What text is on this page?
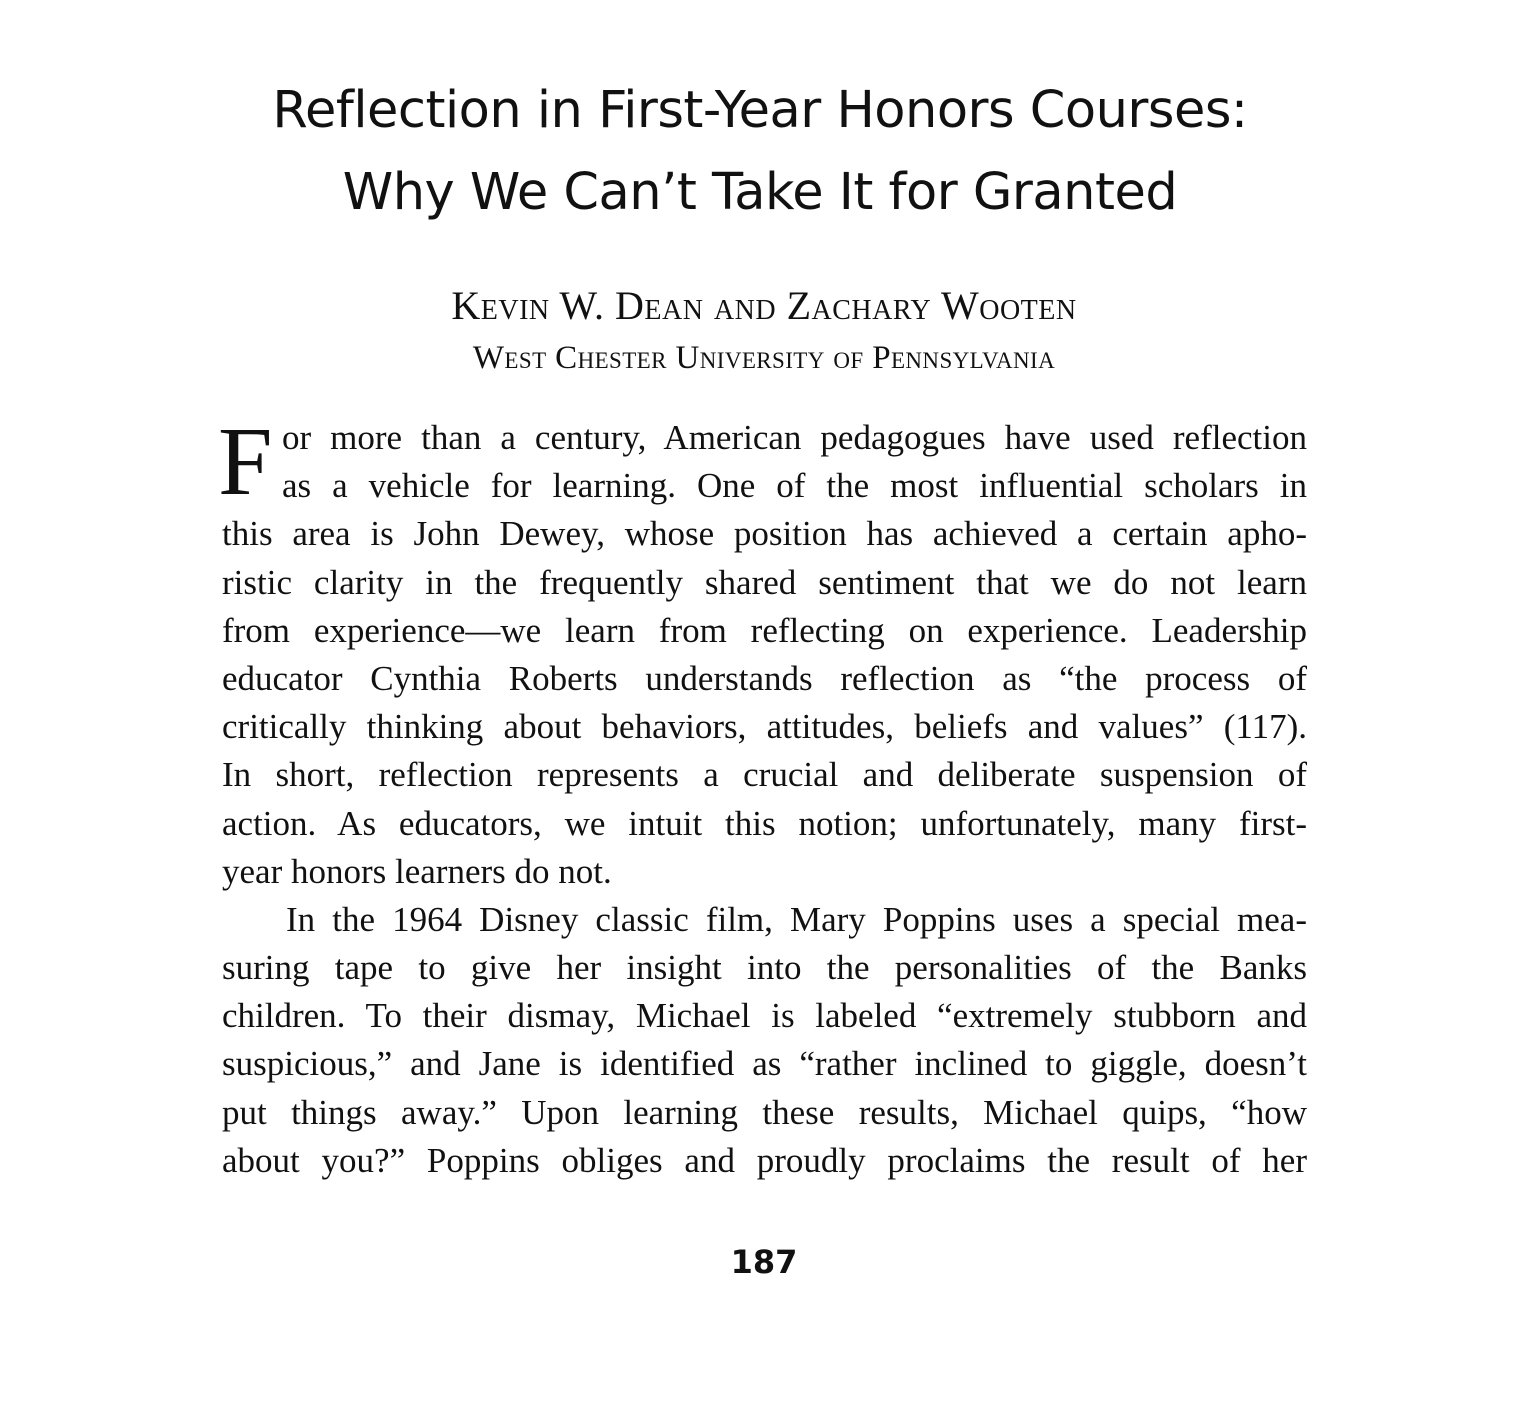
Reflection in First-Year Honors Courses:
Why We Can’t Take It for Granted
Kevin W. Dean and Zachary Wooten
West Chester University of Pennsylvania
F or more than a century, American pedagogues have used reflection
as a vehicle for learning. One of the most influential scholars in
this area is John Dewey, whose position has achieved a certain apho-
ristic clarity in the frequently shared sentiment that we do not learn
from experience—we learn from reflecting on experience. Leadership
educator Cynthia Roberts understands reflection as “the process of
critically thinking about behaviors, attitudes, beliefs and values” (117).
In short, reflection represents a crucial and deliberate suspension of
action. As educators, we intuit this notion; unfortunately, many first-
year honors learners do not.
In the 1964 Disney classic film, Mary Poppins uses a special mea-
suring tape to give her insight into the personalities of the Banks
children. To their dismay, Michael is labeled “extremely stubborn and
suspicious,” and Jane is identified as “rather inclined to giggle, doesn’t
put things away.” Upon learning these results, Michael quips, “how
about you?” Poppins obliges and proudly proclaims the result of her
187
